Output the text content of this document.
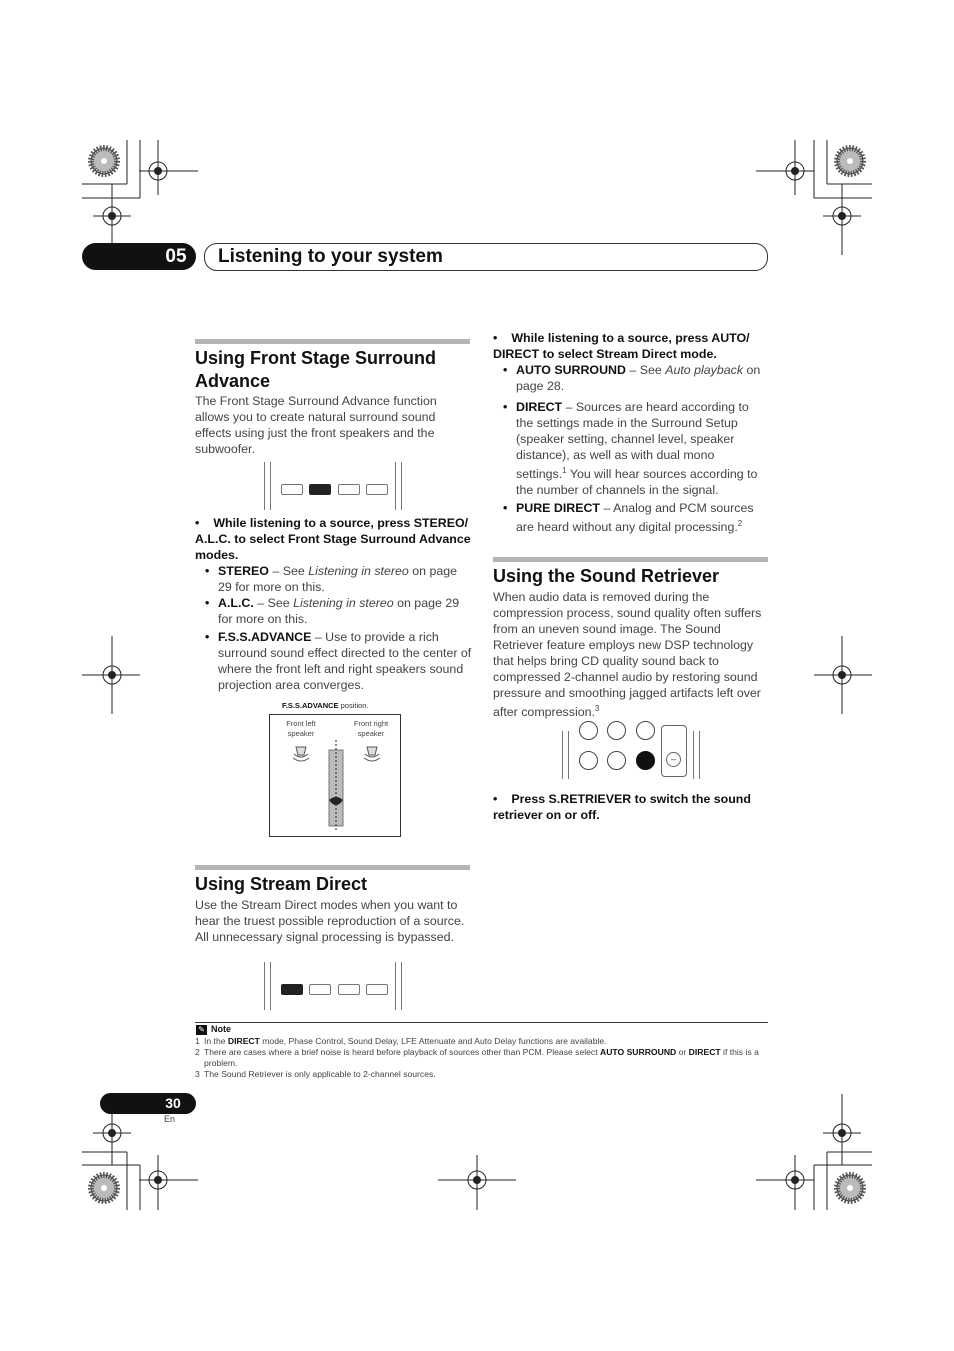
05	Listening to your system
Using Front Stage Surround
Advance

The Front Stage Surround Advance function allows you to create natural surround sound effects using just the front speakers and the subwoofer.

• While listening to a source, press STEREO/ A.L.C. to select Front Stage Surround Advance modes.

• STEREO – See Listening in stereo on page 29 for more on this.

• A.L.C. – See Listening in stereo on page 29 for more on this.

• F.S.S.ADVANCE – Use to provide a rich surround sound effect directed to the center of where the front left and right speakers sound projection area converges.

F.S.S.ADVANCE position.
Front left
speaker
Front right
speaker
Using Stream Direct

Use the Stream Direct modes when you want to hear the truest possible reproduction of a source. All unnecessary signal processing is bypassed.

• While listening to a source, press AUTO/ DIRECT to select Stream Direct mode.

• AUTO SURROUND – See Auto playback on page 28.

• DIRECT – Sources are heard according to the settings made in the Surround Setup (speaker setting, channel level, speaker distance), as well as with dual mono settings.$^1$ You will hear sources according to the number of channels in the signal.

• PURE DIRECT – Analog and PCM sources are heard without any digital processing.$^2$

Using the Sound Retriever

When audio data is removed during the compression process, sound quality often suffers from an uneven sound image. The Sound Retriever feature employs new DSP technology that helps bring CD quality sound back to compressed 2-channel audio by restoring sound pressure and smoothing jagged artifacts left over after compression.$^3$

–

• Press S.RETRIEVER to switch the sound retriever on or off.

✎ Note

1 In the DIRECT mode, Phase Control, Sound Delay, LFE Attenuate and Auto Delay functions are available.

2 There are cases where a brief noise is heard before playback of sources other than PCM. Please select AUTO SURROUND or DIRECT if this is a problem.

3 The Sound Retriever is only applicable to 2-channel sources.

30
En
